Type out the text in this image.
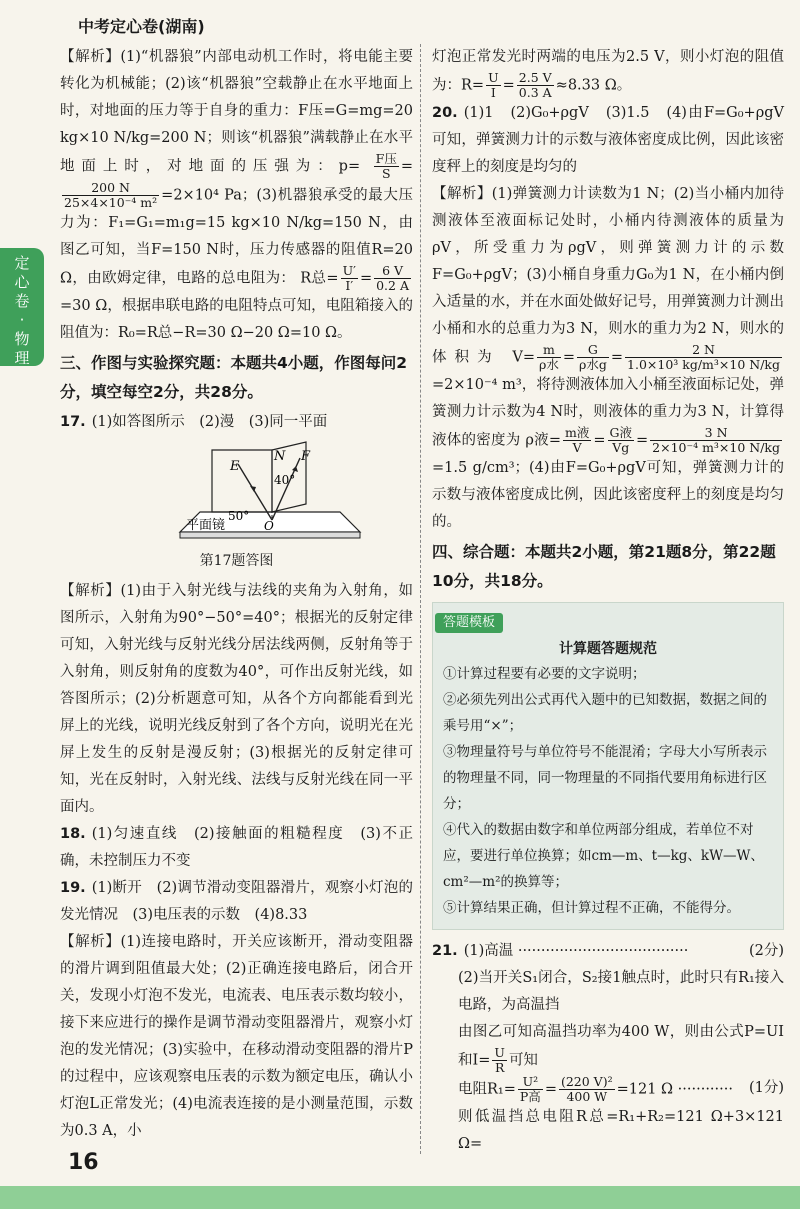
中考定心卷(湖南)
定
心
卷
·
物
理

【解析】(1)“机器狼”内部电动机工作时，将电能主要转化为机械能；(2)该“机器狼”空载静止在水平地面上时，对地面的压力等于自身的重力：F压=G=mg=20 kg×10 N/kg=200 N；则该“机器狼”满载静止在水平地面上时，对地面的压强为：$p= \frac{\text{F压}}{S}$ =
$\frac{200 N}{\text{25×4×10⁻⁴ m²}} =2\times 10^4$ Pa；(3)机器狼承受的最大压力为：F₁=G₁=m₁g=15 kg×10 N/kg=150 N，由图乙可知，当F=150 N时，压力传感器的阻值R=20 Ω，由欧姆定律，电路的总电阻为： R总= $\frac{U'}{I'} = \frac{6 V}{0.2 A}$
=30 Ω，根据串联电路的电阻特点可知，电阻箱接入的阻值为：R₀=R总−R=30 Ω−20 Ω=10 Ω。

三、作图与实验探究题：本题共4小题，作图每问2分，填空每空2分，共28分。

17. (1)如答图所示　(2)漫　(3)同一平面

N
E
F
40°
50°
O
平面镜
第17题答图

【解析】(1)由于入射光线与法线的夹角为入射角，如图所示，入射角为90°−50°=40°；根据光的反射定律可知，入射光线与反射光线分居法线两侧，反射角等于入射角，则反射角的度数为40°，可作出反射光线，如答图所示；(2)分析题意可知，从各个方向都能看到光屏上的光线，说明光线反射到了各个方向，说明光在光屏上发生的反射是漫反射；(3)根据光的反射定律可知，光在反射时，入射光线、法线与反射光线在同一平面内。

18. (1)匀速直线　(2)接触面的粗糙程度　(3)不正确，未控制压力不变

19. (1)断开　(2)调节滑动变阻器滑片，观察小灯泡的发光情况　(3)电压表的示数　(4)8.33

【解析】(1)连接电路时，开关应该断开，滑动变阻器的滑片调到阻值最大处；(2)正确连接电路后，闭合开关，发现小灯泡不发光，电流表、电压表示数均较小，接下来应进行的操作是调节滑动变阻器滑片，观察小灯泡的发光情况；(3)实验中，在移动滑动变阻器的滑片P的过程中，应该观察电压表的示数为额定电压，确认小灯泡L正常发光；(4)电流表连接的是小测量范围，示数为0.3 A，小

灯泡正常发光时两端的电压为2.5 V，则小灯泡的阻值为：$R= \frac{U}{I} = \frac{2.5 V}{0.3 A} \approx 8.33$ Ω。

20. (1)1　(2)G₀+ρgV　(3)1.5　(4)由F=G₀+ρgV可知，弹簧测力计的示数与液体密度成比例，因此该密度秤上的刻度是均匀的

【解析】(1)弹簧测力计读数为1 N；(2)当小桶内加待测液体至液面标记处时，小桶内待测液体的质量为ρV，所受重力为ρgV，则弹簧测力计的示数F=G₀+ρgV；(3)小桶自身重力G₀为1 N，在小桶内倒入适量的水，并在水面处做好记号，用弹簧测力计测出小桶和水的总重力为3 N，则水的重力为2 N，则水的体积为 $V= \frac{m}{\text{ρ水}} = \frac{G}{\text{ρ水g}} = \frac{2 N}{\text{1.0×10³ kg/m³×10 N/kg}}$
=2×10⁻⁴ m³，将待测液体加入小桶至液面标记处，弹簧测力计示数为4 N时，则液体的重力为3 N，计算得液体的密度为 ρ液= $\frac{\text{m液}}{V} = \frac{\text{G液}}{Vg} = \frac{3 N}{\text{2×10⁻⁴ m³×10 N/kg}}$
=1.5 g/cm³；(4)由F=G₀+ρgV可知，弹簧测力计的示数与液体密度成比例，因此该密度秤上的刻度是均匀的。

四、综合题：本题共2小题，第21题8分，第22题10分，共18分。

答题模板
计算题答题规范
①计算过程要有必要的文字说明；
②必须先列出公式再代入题中的已知数据，数据之间的乘号用“×”；
③物理量符号与单位符号不能混淆；字母大小写所表示的物理量不同，同一物理量的不同指代要用角标进行区分；
④代入的数据由数字和单位两部分组成，若单位不对应，要进行单位换算；如cm—m、t—kg、kW—W、cm²—m²的换算等；
⑤计算结果正确，但计算过程不正确，不能得分。
21. (1)高温 ·····································	(2分)

(2)当开关S₁闭合，S₂接1触点时，此时只有R₁接入电路，为高温挡

由图乙可知高温挡功率为400 W，则由公式P=UI和$I= \frac{U}{R}$ 可知

电阻$R_1= \frac{\text{U²}}{\text{P高}} = \frac{\text{(220 V)²}}{400 W} =121$ Ω ············ (1分)

则低温挡总电阻R总=R₁+R₂=121 Ω+3×121 Ω=

16
